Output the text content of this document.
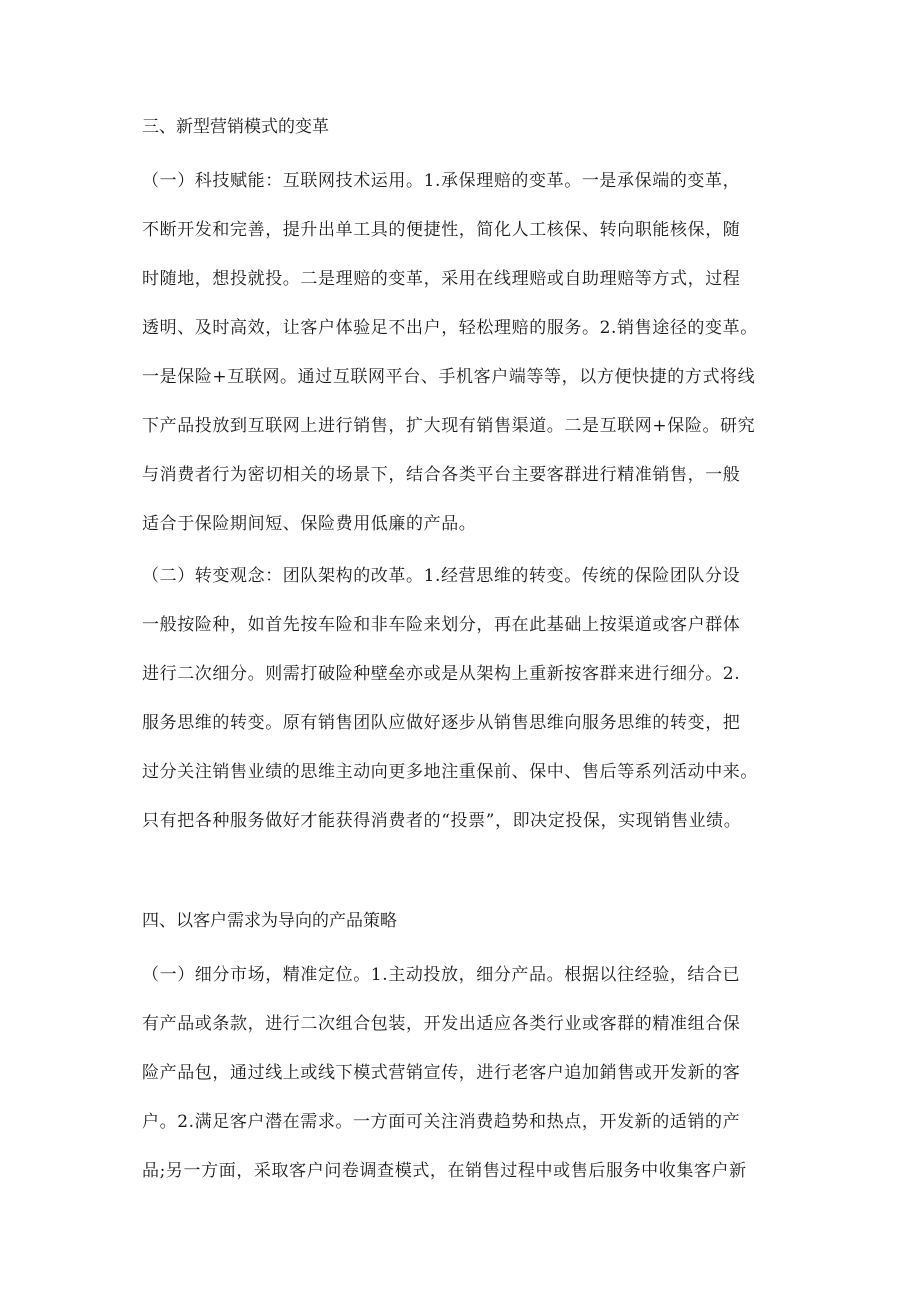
三、新型营销模式的变革

（一）科技赋能：互联网技术运用。1.承保理赔的变革。一是承保端的变革，

不断开发和完善，提升出单工具的便捷性，简化人工核保、转向职能核保，随

时随地，想投就投。二是理赔的变革，采用在线理赔或自助理赔等方式，过程

透明、及时高效，让客户体验足不出户，轻松理赔的服务。2.销售途径的变革。

一是保险+互联网。通过互联网平台、手机客户端等等，以方便快捷的方式将线

下产品投放到互联网上进行销售，扩大现有销售渠道。二是互联网+保险。研究

与消费者行为密切相关的场景下，结合各类平台主要客群进行精准销售，一般

适合于保险期间短、保险费用低廉的产品。

（二）转变观念：团队架构的改革。1.经营思维的转变。传统的保险团队分设

一般按险种，如首先按车险和非车险来划分，再在此基础上按渠道或客户群体

进行二次细分。则需打破险种壁垒亦或是从架构上重新按客群来进行细分。2.

服务思维的转变。原有销售团队应做好逐步从销售思维向服务思维的转变，把

过分关注销售业绩的思维主动向更多地注重保前、保中、售后等系列活动中来。

只有把各种服务做好才能获得消费者的“投票”，即决定投保，实现销售业绩。

四、以客户需求为导向的产品策略

（一）细分市场，精准定位。1.主动投放，细分产品。根据以往经验，结合已

有产品或条款，进行二次组合包装，开发出适应各类行业或客群的精准组合保

险产品包，通过线上或线下模式营销宣传，进行老客户追加銷售或开发新的客

户。2.满足客户潜在需求。一方面可关注消费趋势和热点，开发新的适销的产

品;另一方面，采取客户问卷调查模式，在销售过程中或售后服务中收集客户新
